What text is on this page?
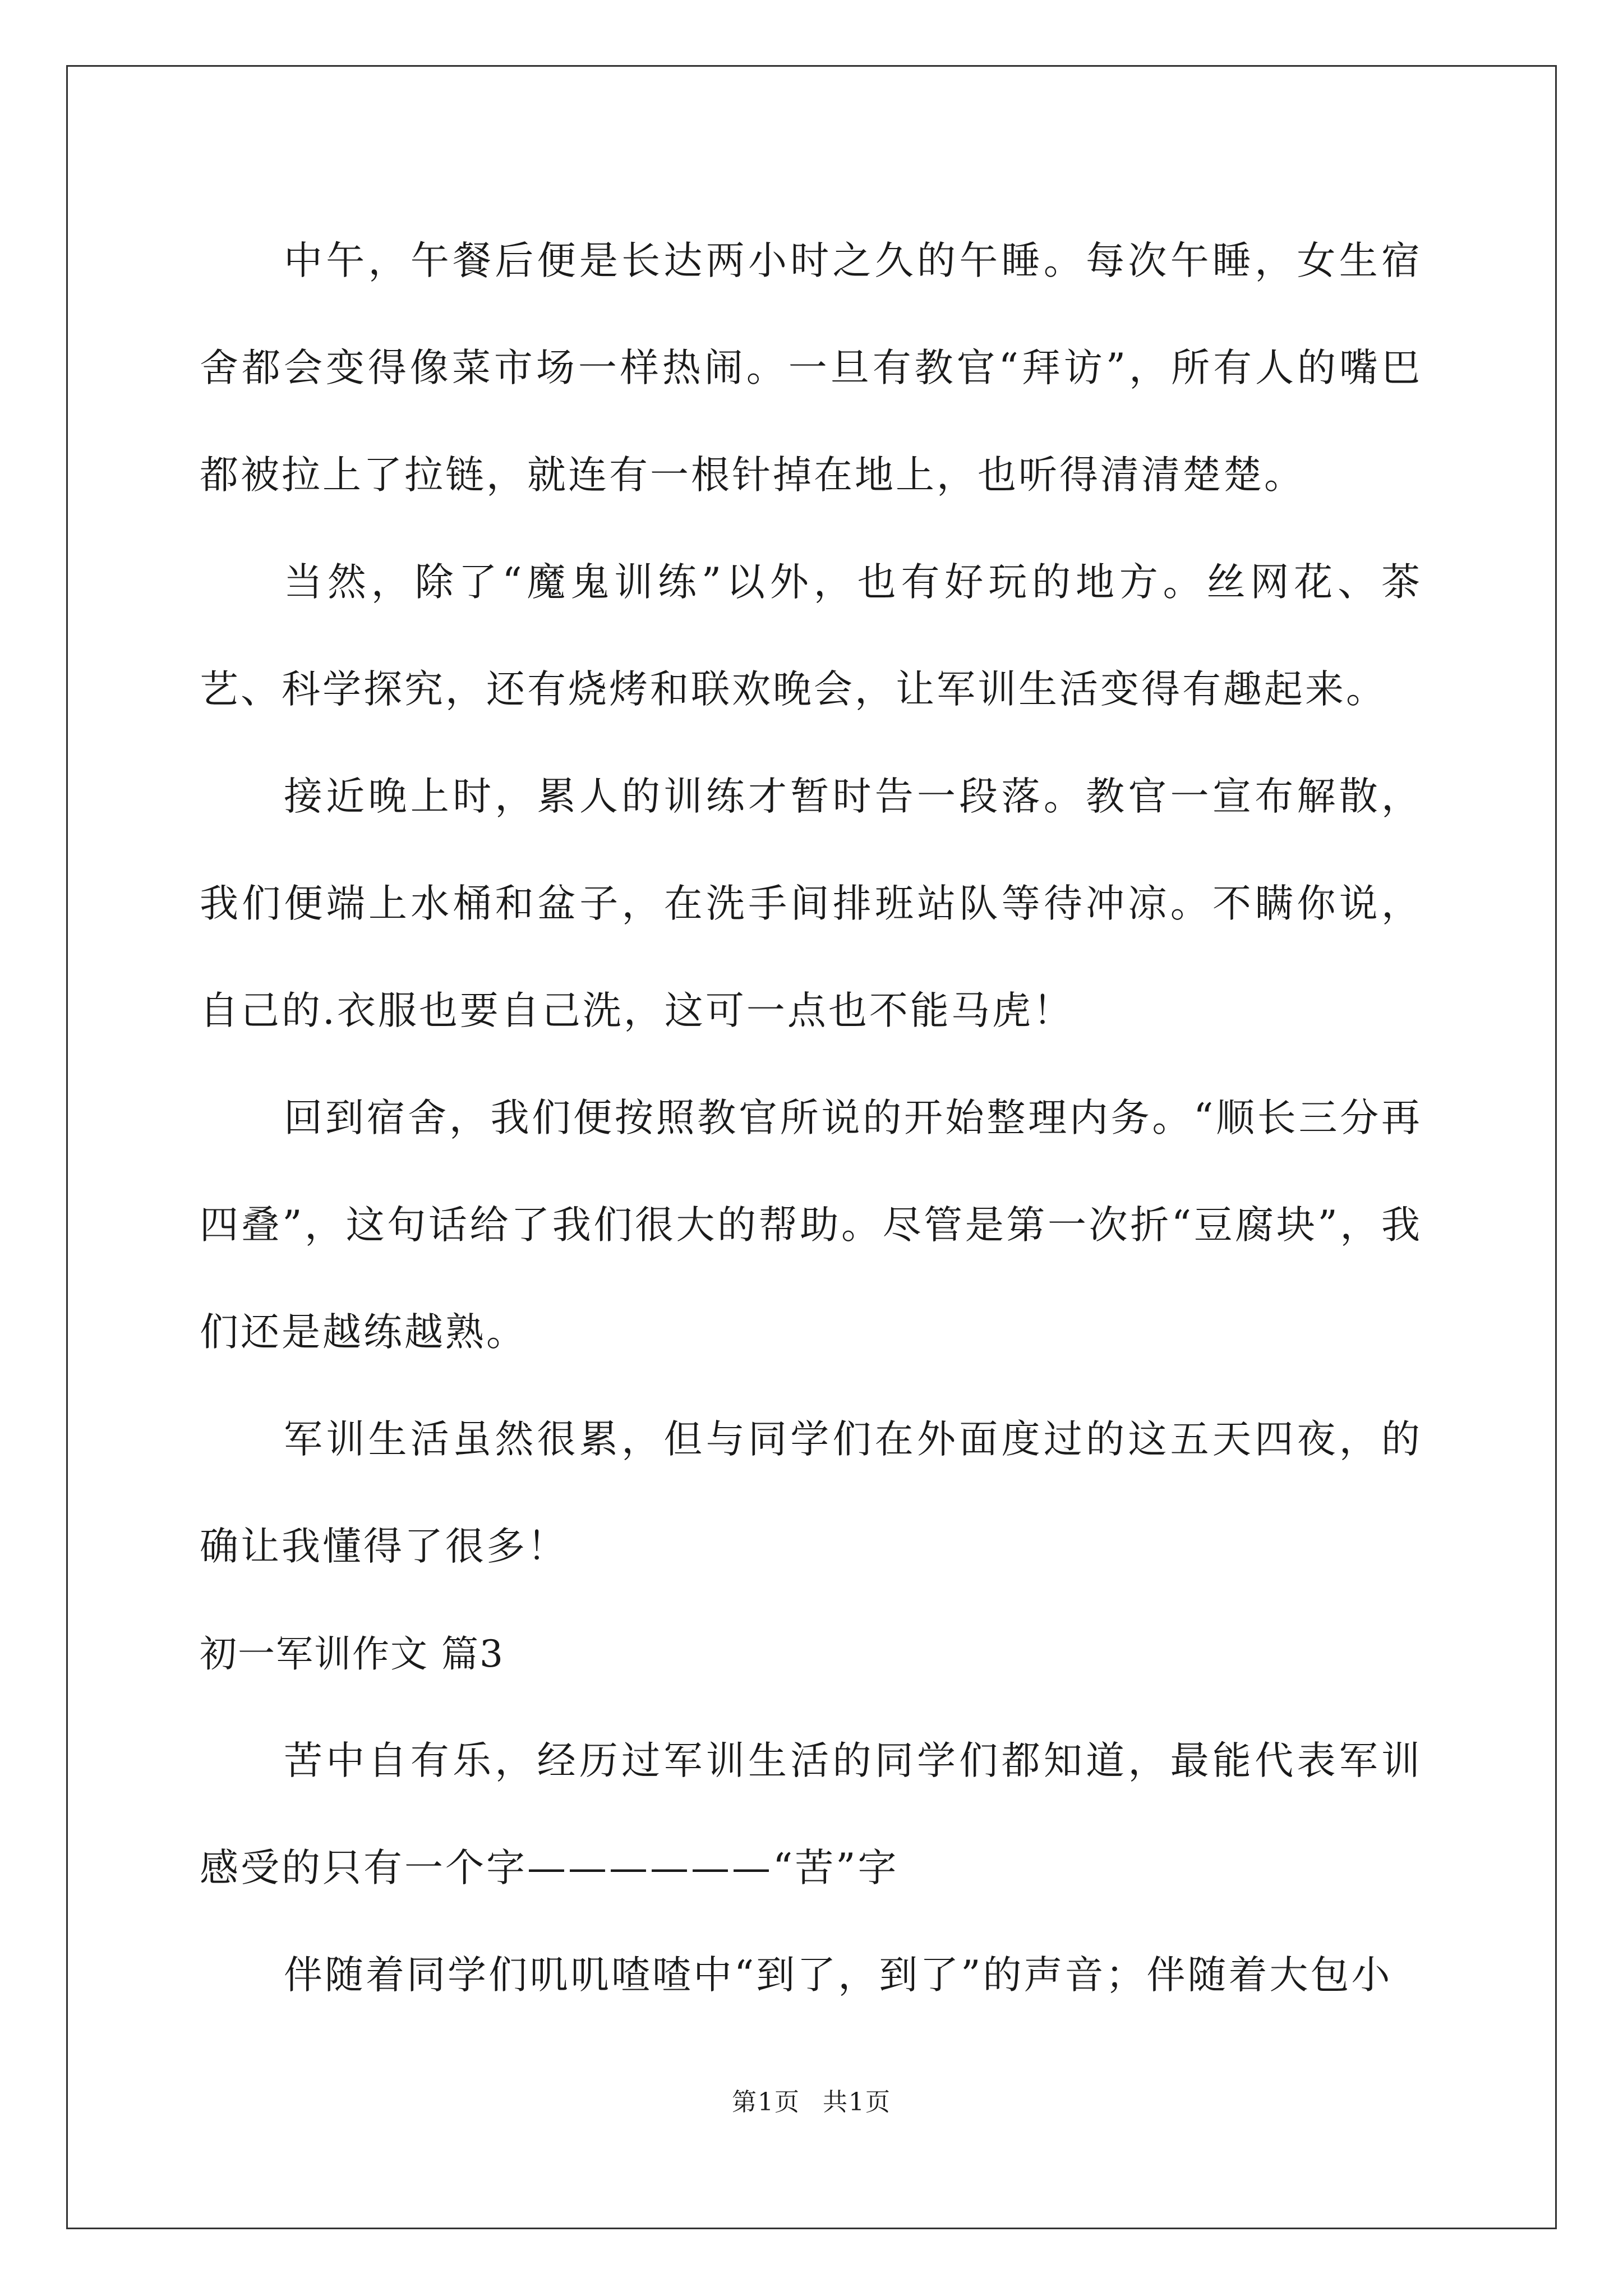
中午，午餐后便是长达两小时之久的午睡。每次午睡，女生宿舍都会变得像菜市场一样热闹。一旦有教官“拜访”，所有人的嘴巴都被拉上了拉链，就连有一根针掉在地上，也听得清清楚楚。

当然，除了“魔鬼训练”以外，也有好玩的地方。丝网花、茶艺、科学探究，还有烧烤和联欢晚会，让军训生活变得有趣起来。

接近晚上时，累人的训练才暂时告一段落。教官一宣布解散，我们便端上水桶和盆子，在洗手间排班站队等待冲凉。不瞒你说，自己的.衣服也要自己洗，这可一点也不能马虎！

回到宿舍，我们便按照教官所说的开始整理内务。“顺长三分再四叠”，这句话给了我们很大的帮助。尽管是第一次折“豆腐块”，我们还是越练越熟。

军训生活虽然很累，但与同学们在外面度过的这五天四夜，的确让我懂得了很多！

初一军训作文 篇3

苦中自有乐，经历过军训生活的同学们都知道，最能代表军训感受的只有一个字——————“苦”字

伴随着同学们叽叽喳喳中“到了，到了”的声音；伴随着大包小

第1页 共1页
